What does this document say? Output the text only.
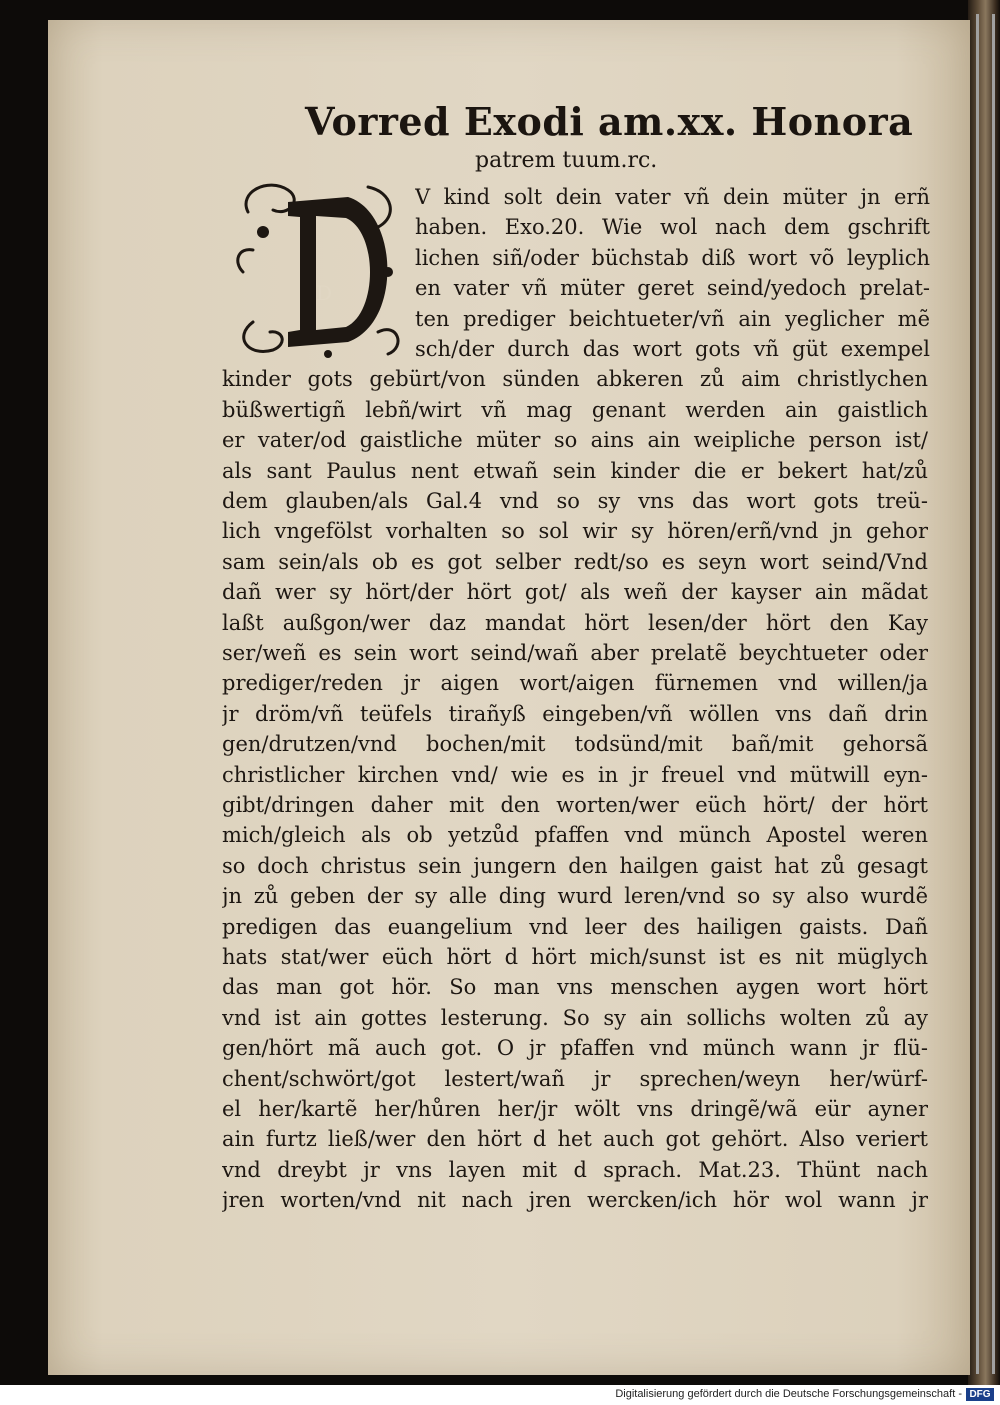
Vorred Exodi am.xx. Honora
patrem tuum.rc.
D
V kind solt dein vater vñ dein müter jn erñ
haben. Exo.20. Wie wol nach dem gschrift
lichen siñ/oder büchstab diß wort võ leyplich
en vater vñ müter geret seind/yedoch prelat-
ten prediger beichtueter/vñ ain yeglicher mẽ
sch/der durch das wort gots vñ güt exempel
kinder gots gebürt/von sünden abkeren zů aim christlychen
büßwertigñ lebñ/wirt vñ mag genant werden ain gaistlich
er vater/od gaistliche müter so ains ain weipliche person ist/
als sant Paulus nent etwañ sein kinder die er bekert hat/zů
dem glauben/als Gal.4 vnd so sy vns das wort gots treü-
lich vngefölst vorhalten so sol wir sy hören/erñ/vnd jn gehor
sam sein/als ob es got selber redt/so es seyn wort seind/Vnd
dañ wer sy hört/der hört got/ als weñ der kayser ain mãdat
laßt außgon/wer daz mandat hört lesen/der hört den Kay
ser/weñ es sein wort seind/wañ aber prelatẽ beychtueter oder
prediger/reden jr aigen wort/aigen fürnemen vnd willen/ja
jr dröm/vñ teüfels tirañyß eingeben/vñ wöllen vns dañ drin
gen/drutzen/vnd bochen/mit todsünd/mit bañ/mit gehorsã
christlicher kirchen vnd/ wie es in jr freuel vnd mütwill eyn-
gibt/dringen daher mit den worten/wer eüch hört/ der hört
mich/gleich als ob yetzůd pfaffen vnd münch Apostel weren
so doch christus sein jungern den hailgen gaist hat zů gesagt
jn zů geben der sy alle ding wurd leren/vnd so sy also wurdẽ
predigen das euangelium vnd leer des hailigen gaists. Dañ
hats stat/wer eüch hört d hört mich/sunst ist es nit müglych
das man got hör. So man vns menschen aygen wort hört
vnd ist ain gottes lesterung. So sy ain sollichs wolten zů ay
gen/hört mã auch got. O jr pfaffen vnd münch wann jr flü-
chent/schwört/got lestert/wañ jr sprechen/weyn her/würf-
el her/kartẽ her/hůren her/jr wölt vns dringẽ/wã eür ayner
ain furtz ließ/wer den hört d het auch got gehört. Also veriert
vnd dreybt jr vns layen mit d sprach. Mat.23. Thünt nach
jren worten/vnd nit nach jren wercken/ich hör wol wann jr
Digitalisierung gefördert durch die Deutsche Forschungsgemeinschaft - DFG
